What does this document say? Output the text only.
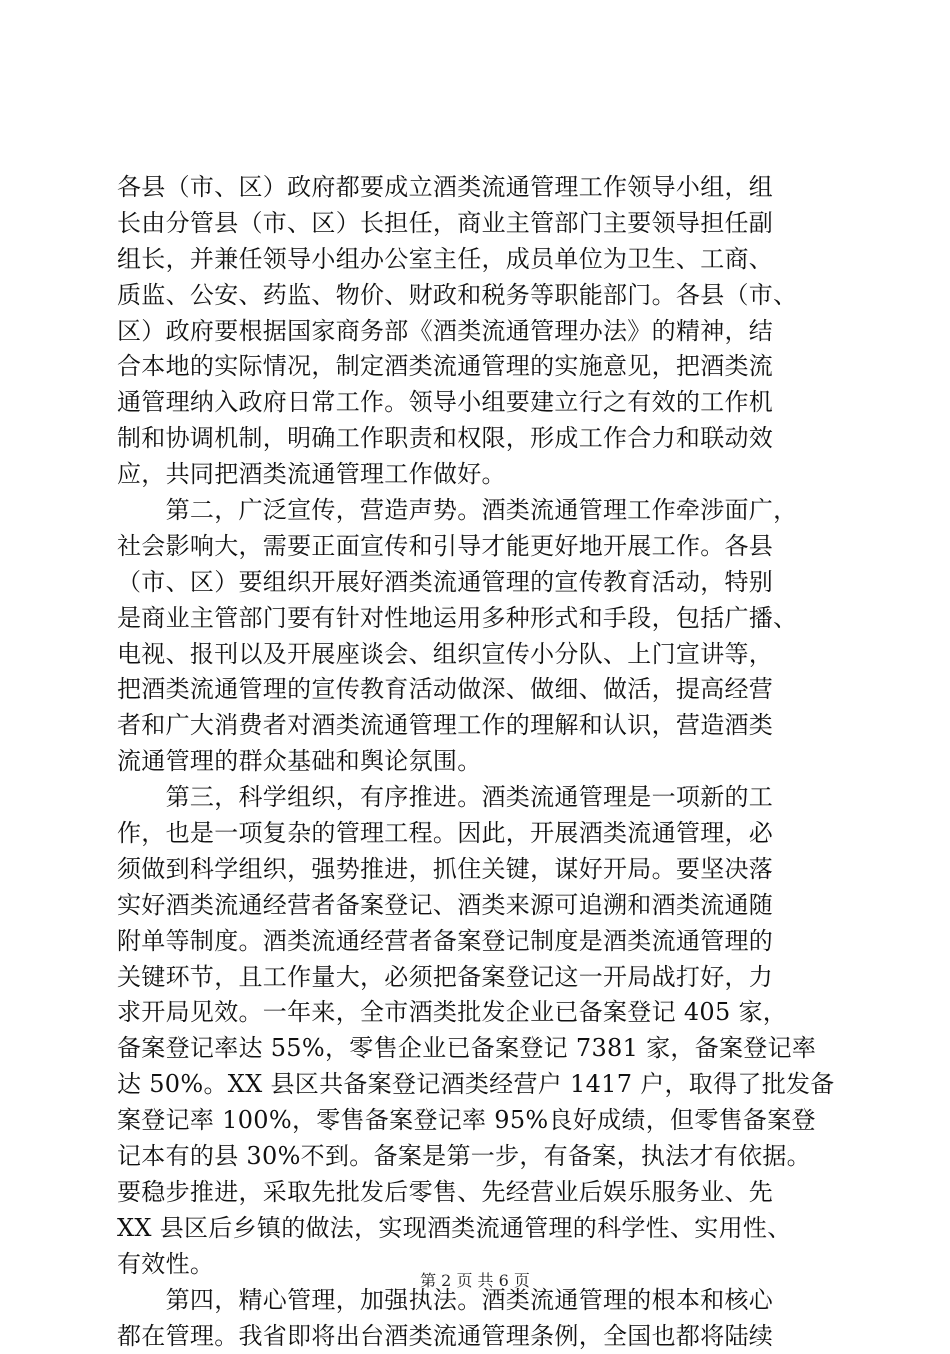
各县（市、区）政府都要成立酒类流通管理工作领导小组，组
长由分管县（市、区）长担任，商业主管部门主要领导担任副
组长，并兼任领导小组办公室主任，成员单位为卫生、工商、
质监、公安、药监、物价、财政和税务等职能部门。各县（市、
区）政府要根据国家商务部《酒类流通管理办法》的精神，结
合本地的实际情况，制定酒类流通管理的实施意见，把酒类流
通管理纳入政府日常工作。领导小组要建立行之有效的工作机
制和协调机制，明确工作职责和权限，形成工作合力和联动效
应，共同把酒类流通管理工作做好。
　　第二，广泛宣传，营造声势。酒类流通管理工作牵涉面广，
社会影响大，需要正面宣传和引导才能更好地开展工作。各县
（市、区）要组织开展好酒类流通管理的宣传教育活动，特别
是商业主管部门要有针对性地运用多种形式和手段，包括广播、
电视、报刊以及开展座谈会、组织宣传小分队、上门宣讲等，
把酒类流通管理的宣传教育活动做深、做细、做活，提高经营
者和广大消费者对酒类流通管理工作的理解和认识，营造酒类
流通管理的群众基础和舆论氛围。
　　第三，科学组织，有序推进。酒类流通管理是一项新的工
作，也是一项复杂的管理工程。因此，开展酒类流通管理，必
须做到科学组织，强势推进，抓住关键，谋好开局。要坚决落
实好酒类流通经营者备案登记、酒类来源可追溯和酒类流通随
附单等制度。酒类流通经营者备案登记制度是酒类流通管理的
关键环节，且工作量大，必须把备案登记这一开局战打好，力
求开局见效。一年来，全市酒类批发企业已备案登记 405 家，
备案登记率达 55%，零售企业已备案登记 7381 家，备案登记率
达 50%。XX 县区共备案登记酒类经营户 1417 户，取得了批发备
案登记率 100%，零售备案登记率 95%良好成绩，但零售备案登
记本有的县 30%不到。备案是第一步，有备案，执法才有依据。
要稳步推进，采取先批发后零售、先经营业后娱乐服务业、先
XX 县区后乡镇的做法，实现酒类流通管理的科学性、实用性、
有效性。
　　第四，精心管理，加强执法。酒类流通管理的根本和核心
都在管理。我省即将出台酒类流通管理条例，全国也都将陆续
第 2 页 共 6 页
